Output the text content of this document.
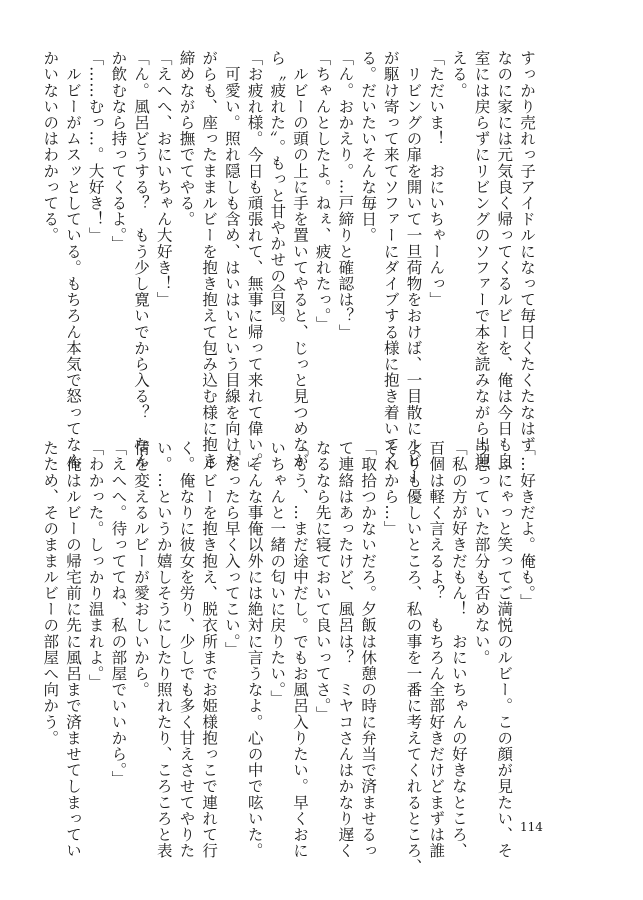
すっかり売れっ子アイドルになって毎日くたくたなはず
なのに家には元気良く帰ってくるルビーを、俺は今日も自
室には戻らずにリビングのソファーで本を読みながら出迎
える。
「ただいま！　おにいちゃーんっ」
　リビングの扉を開いて一旦荷物をおけば、一目散にルビー
が駆け寄って来てソファーにダイブする様に抱き着いてく
る。だいたいそんな毎日。
「ん。おかえり。…戸締りと確認は？」
「ちゃんとしたよ。ねぇ、疲れたっ。」
　ルビーの頭の上に手を置いてやると、じっと見つめなが
ら〝疲れた〟。もっと甘やかせの合図。
「お疲れ様。今日も頑張れて、無事に帰って来れて偉い。」
　可愛い。照れ隠しも含め、はいはいという目線を向けな
がらも、座ったままルビーを抱き抱えて包み込む様に抱き
締めながら撫でてやる。
「えへへ、おにいちゃん大好き！」
「ん。風呂どうする？　もう少し寛いでから入る？　なん
か飲むなら持ってくるよ。」
「……むっ…。大好き！」
　ルビーがムスッとしている。もちろん本気で怒ってなん
かいないのはわかってる。
「…好きだよ。俺も。」
　ふにゃっと笑ってご満悦のルビー。この顔が見たい、そ
う思っていた部分も否めない。
「私の方が好きだもん！　おにいちゃんの好きなところ、
百個は軽く言えるよ？　もちろん全部好きだけどまずは誰
よりも優しいところ、私の事を一番に考えてくれるところ、
それから…」
「取拾つかないだろ。夕飯は休憩の時に弁当で済ませるっ
て連絡はあったけど、風呂は？　ミヤコさんはかなり遅く
なるなら先に寝ておいて良いってさ。」
「もう、…まだ途中だし。でもお風呂入りたい。早くおに
いちゃんと一緒の匂いに戻りたい。」
　そんな事俺以外には絶対に言うなよ。心の中で呟いた。
「だったら早く入ってこい。」
　ルビーを抱き抱え、脱衣所までお姫様抱っこで連れて行
く。俺なりに彼女を労り、少しでも多く甘えさせてやりた
い。…というか嬉しそうにしたり照れたり、ころころと表
情を変えるルビーが愛おしいから。
「えへへ。待っててね、私の部屋でいいから。」
「わかった。しっかり温まれよ。」
　俺はルビーの帰宅前に先に風呂まで済ませてしまってい
たため、そのままルビーの部屋へ向かう。
114
